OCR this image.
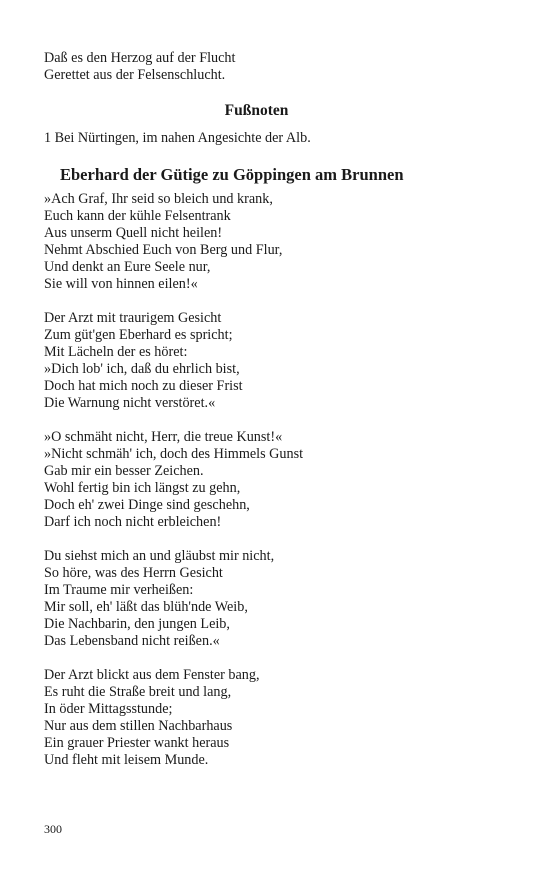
Daß es den Herzog auf der Flucht
Gerettet aus der Felsenschlucht.
Fußnoten
1 Bei Nürtingen, im nahen Angesichte der Alb.
Eberhard der Gütige zu Göppingen am Brunnen
»Ach Graf, Ihr seid so bleich und krank,
Euch kann der kühle Felsentrank
Aus unserm Quell nicht heilen!
Nehmt Abschied Euch von Berg und Flur,
Und denkt an Eure Seele nur,
Sie will von hinnen eilen!«
Der Arzt mit traurigem Gesicht
Zum güt'gen Eberhard es spricht;
Mit Lächeln der es höret:
»Dich lob' ich, daß du ehrlich bist,
Doch hat mich noch zu dieser Frist
Die Warnung nicht verstöret.«
»O schmäht nicht, Herr, die treue Kunst!«
»Nicht schmäh' ich, doch des Himmels Gunst
Gab mir ein besser Zeichen.
Wohl fertig bin ich längst zu gehn,
Doch eh' zwei Dinge sind geschehn,
Darf ich noch nicht erbleichen!
Du siehst mich an und gläubst mir nicht,
So höre, was des Herrn Gesicht
Im Traume mir verheißen:
Mir soll, eh' läßt das blüh'nde Weib,
Die Nachbarin, den jungen Leib,
Das Lebensband nicht reißen.«
Der Arzt blickt aus dem Fenster bang,
Es ruht die Straße breit und lang,
In öder Mittagsstunde;
Nur aus dem stillen Nachbarhaus
Ein grauer Priester wankt heraus
Und fleht mit leisem Munde.
300
